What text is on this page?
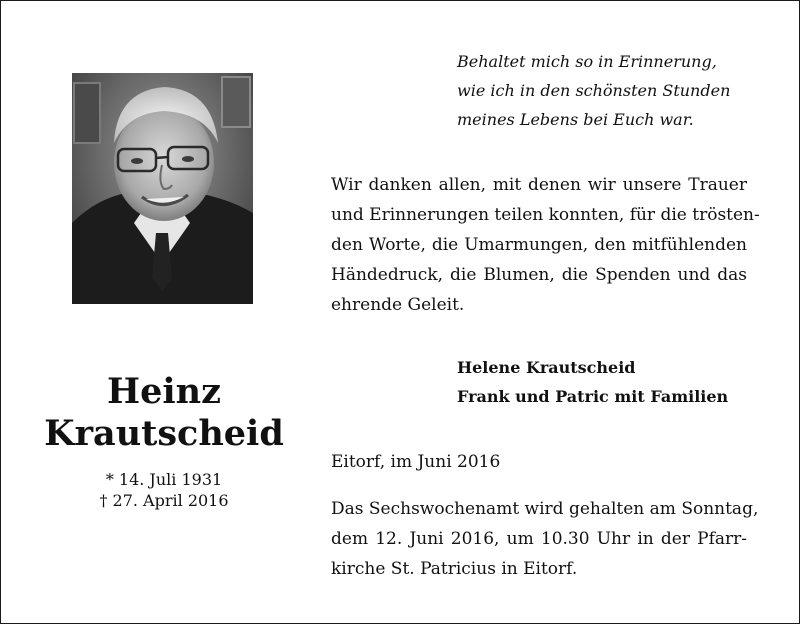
Behaltet mich so in Erinnerung,
wie ich in den schönsten Stunden
meines Lebens bei Euch war.
Wir danken allen, mit denen wir unsere Trauer
und Erinnerungen teilen konnten, für die trösten-
den Worte, die Umarmungen, den mitfühlenden
Händedruck, die Blumen, die Spenden und das
ehrende Geleit.
Helene Krautscheid
Frank und Patric mit Familien
Heinz
Krautscheid
* 14. Juli 1931
† 27. April 2016
Eitorf, im Juni 2016
Das Sechswochenamt wird gehalten am Sonntag,
dem 12. Juni 2016, um 10.30 Uhr in der Pfarr-
kirche St. Patricius in Eitorf.
